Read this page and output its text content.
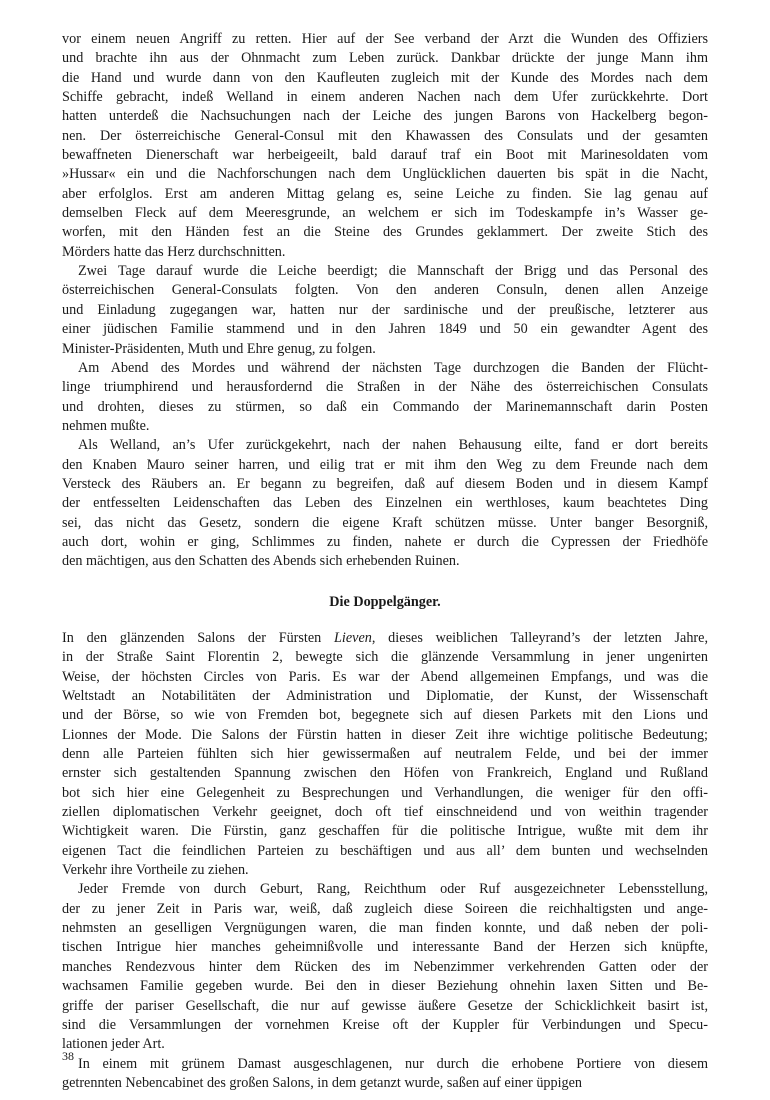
vor einem neuen Angriff zu retten. Hier auf der See verband der Arzt die Wunden des Offiziers
und brachte ihn aus der Ohnmacht zum Leben zurück. Dankbar drückte der junge Mann ihm
die Hand und wurde dann von den Kaufleuten zugleich mit der Kunde des Mordes nach dem
Schiffe gebracht, indeß Welland in einem anderen Nachen nach dem Ufer zurückkehrte. Dort
hatten unterdeß die Nachsuchungen nach der Leiche des jungen Barons von Hackelberg begon-
nen. Der österreichische General-Consul mit den Khawassen des Consulats und der gesamten
bewaffneten Dienerschaft war herbeigeeilt, bald darauf traf ein Boot mit Marinesoldaten vom
»Hussar« ein und die Nachforschungen nach dem Unglücklichen dauerten bis spät in die Nacht,
aber erfolglos. Erst am anderen Mittag gelang es, seine Leiche zu finden. Sie lag genau auf
demselben Fleck auf dem Meeresgrunde, an welchem er sich im Todeskampfe in’s Wasser ge-
worfen, mit den Händen fest an die Steine des Grundes geklammert. Der zweite Stich des
Mörders hatte das Herz durchschnitten.

Zwei Tage darauf wurde die Leiche beerdigt; die Mannschaft der Brigg und das Personal des
österreichischen General-Consulats folgten. Von den anderen Consuln, denen allen Anzeige
und Einladung zugegangen war, hatten nur der sardinische und der preußische, letzterer aus
einer jüdischen Familie stammend und in den Jahren 1849 und 50 ein gewandter Agent des
Minister-Präsidenten, Muth und Ehre genug, zu folgen.

Am Abend des Mordes und während der nächsten Tage durchzogen die Banden der Flücht-
linge triumphirend und herausfordernd die Straßen in der Nähe des österreichischen Consulats
und drohten, dieses zu stürmen, so daß ein Commando der Marinemannschaft darin Posten
nehmen mußte.

Als Welland, an’s Ufer zurückgekehrt, nach der nahen Behausung eilte, fand er dort bereits
den Knaben Mauro seiner harren, und eilig trat er mit ihm den Weg zu dem Freunde nach dem
Versteck des Räubers an. Er begann zu begreifen, daß auf diesem Boden und in diesem Kampf
der entfesselten Leidenschaften das Leben des Einzelnen ein werthloses, kaum beachtetes Ding
sei, das nicht das Gesetz, sondern die eigene Kraft schützen müsse. Unter banger Besorgniß,
auch dort, wohin er ging, Schlimmes zu finden, nahete er durch die Cypressen der Friedhöfe
den mächtigen, aus den Schatten des Abends sich erhebenden Ruinen.

Die Doppelgänger.

In den glänzenden Salons der Fürsten Lieven, dieses weiblichen Talleyrand’s der letzten Jahre,
in der Straße Saint Florentin 2, bewegte sich die glänzende Versammlung in jener ungenirten
Weise, der höchsten Circles von Paris. Es war der Abend allgemeinen Empfangs, und was die
Weltstadt an Notabilitäten der Administration und Diplomatie, der Kunst, der Wissenschaft
und der Börse, so wie von Fremden bot, begegnete sich auf diesen Parkets mit den Lions und
Lionnes der Mode. Die Salons der Fürstin hatten in dieser Zeit ihre wichtige politische Bedeutung;
denn alle Parteien fühlten sich hier gewissermaßen auf neutralem Felde, und bei der immer
ernster sich gestaltenden Spannung zwischen den Höfen von Frankreich, England und Rußland
bot sich hier eine Gelegenheit zu Besprechungen und Verhandlungen, die weniger für den offi-
ziellen diplomatischen Verkehr geeignet, doch oft tief einschneidend und von weithin tragender
Wichtigkeit waren. Die Fürstin, ganz geschaffen für die politische Intrigue, wußte mit dem ihr
eigenen Tact die feindlichen Parteien zu beschäftigen und aus all’ dem bunten und wechselnden
Verkehr ihre Vortheile zu ziehen.

Jeder Fremde von durch Geburt, Rang, Reichthum oder Ruf ausgezeichneter Lebensstellung,
der zu jener Zeit in Paris war, weiß, daß zugleich diese Soireen die reichhaltigsten und ange-
nehmsten an geselligen Vergnügungen waren, die man finden konnte, und daß neben der poli-
tischen Intrigue hier manches geheimnißvolle und interessante Band der Herzen sich knüpfte,
manches Rendezvous hinter dem Rücken des im Nebenzimmer verkehrenden Gatten oder der
wachsamen Familie gegeben wurde. Bei den in dieser Beziehung ohnehin laxen Sitten und Be-
griffe der pariser Gesellschaft, die nur auf gewisse äußere Gesetze der Schicklichkeit basirt ist,
sind die Versammlungen der vornehmen Kreise oft der Kuppler für Verbindungen und Specu-
lationen jeder Art.

In einem mit grünem Damast ausgeschlagenen, nur durch die erhobene Portiere von diesem
getrennten Nebencabinet des großen Salons, in dem getanzt wurde, saßen auf einer üppigen

38
